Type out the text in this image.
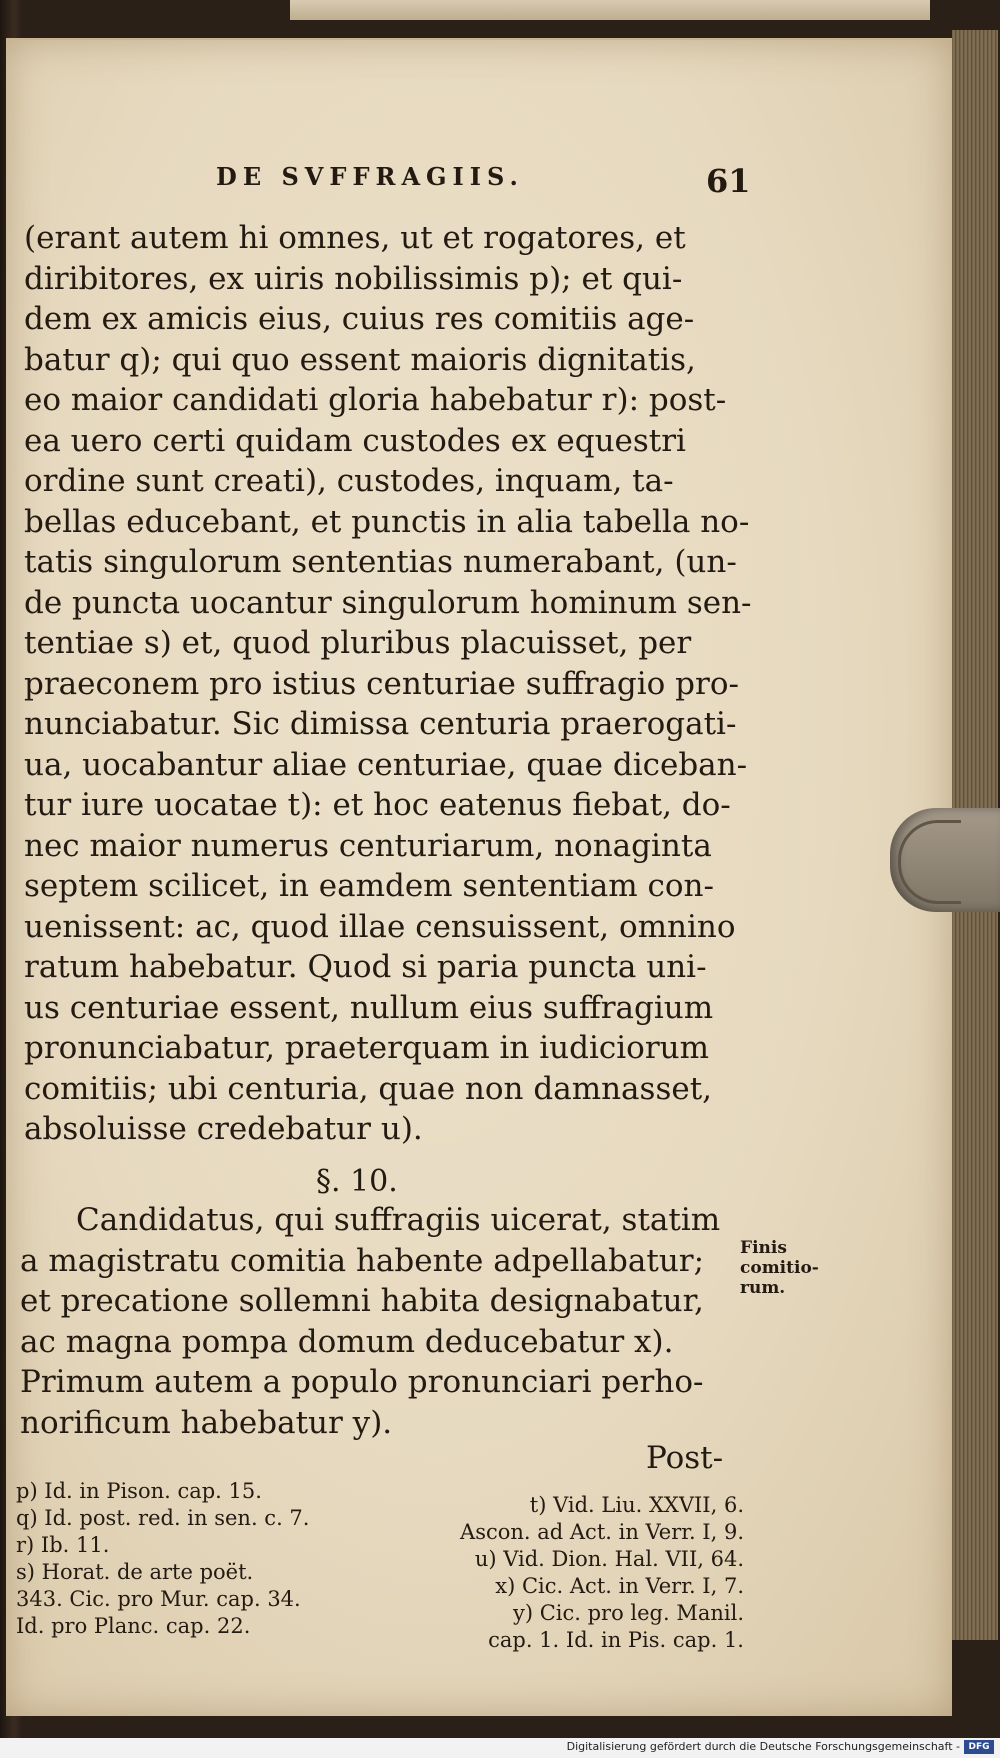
DE SVFFRAGIIS.	61
(erant autem hi omnes, ut et rogatores, et
diribitores, ex uiris nobilissimis p); et qui-
dem ex amicis eius, cuius res comitiis age-
batur q); qui quo essent maioris dignitatis,
eo maior candidati gloria habebatur r): post-
ea uero certi quidam custodes ex equestri
ordine sunt creati), custodes, inquam, ta-
bellas educebant, et punctis in alia tabella no-
tatis singulorum sententias numerabant, (un-
de puncta uocantur singulorum hominum sen-
tentiae s) et, quod pluribus placuisset, per
praeconem pro istius centuriae suffragio pro-
nunciabatur. Sic dimissa centuria praerogati-
ua, uocabantur aliae centuriae, quae diceban-
tur iure uocatae t): et hoc eatenus fiebat, do-
nec maior numerus centuriarum, nonaginta
septem scilicet, in eamdem sententiam con-
uenissent: ac, quod illae censuissent, omnino
ratum habebatur. Quod si paria puncta uni-
us centuriae essent, nullum eius suffragium
pronunciabatur, praeterquam in iudiciorum
comitiis; ubi centuria, quae non damnasset,
absoluisse credebatur u).
§. 10.
Candidatus, qui suffragiis uicerat, statim
a magistratu comitia habente adpellabatur;
et precatione sollemni habita designabatur,
ac magna pompa domum deducebatur x).
Primum autem a populo pronunciari perho-
norificum habebatur y).
Post-
Finis
comitio-
rum.
p) Id. in Pison. cap. 15.
q) Id. post. red. in sen. c. 7.
r) Ib. 11.
s) Horat. de arte poët.
343. Cic. pro Mur. cap. 34.
Id. pro Planc. cap. 22.
t) Vid. Liu. XXVII, 6.
Ascon. ad Act. in Verr. I, 9.
u) Vid. Dion. Hal. VII, 64.
x) Cic. Act. in Verr. I, 7.
y) Cic. pro leg. Manil.
cap. 1. Id. in Pis. cap. 1.
Digitalisierung gefördert durch die Deutsche Forschungsgemeinschaft - DFG
